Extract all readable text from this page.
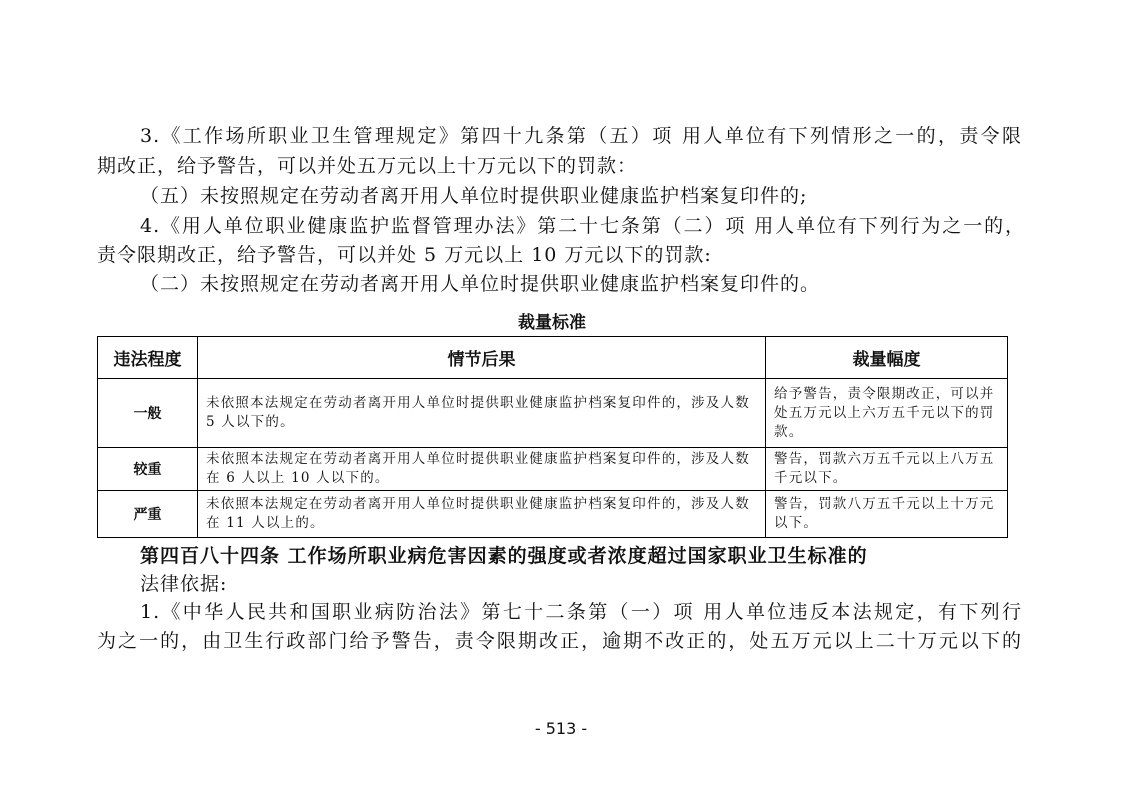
3.《工作场所职业卫生管理规定》第四十九条第（五）项 用人单位有下列情形之一的，责令限
期改正，给予警告，可以并处五万元以上十万元以下的罚款：
（五）未按照规定在劳动者离开用人单位时提供职业健康监护档案复印件的;
4.《用人单位职业健康监护监督管理办法》第二十七条第（二）项 用人单位有下列行为之一的，
责令限期改正，给予警告，可以并处 5 万元以上 10 万元以下的罚款:
（二）未按照规定在劳动者离开用人单位时提供职业健康监护档案复印件的。
裁量标准
违法程度	情节后果	裁量幅度
一般	未依照本法规定在劳动者离开用人单位时提供职业健康监护档案复印件的，涉及人数 5 人以下的。	给予警告，责令限期改正，可以并处五万元以上六万五千元以下的罚款。
较重	未依照本法规定在劳动者离开用人单位时提供职业健康监护档案复印件的，涉及人数在 6 人以上 10 人以下的。	警告，罚款六万五千元以上八万五千元以下。
严重	未依照本法规定在劳动者离开用人单位时提供职业健康监护档案复印件的，涉及人数在 11 人以上的。	警告，罚款八万五千元以上十万元以下。
第四百八十四条 工作场所职业病危害因素的强度或者浓度超过国家职业卫生标准的
法律依据:
1.《中华人民共和国职业病防治法》第七十二条第（一）项 用人单位违反本法规定，有下列行
为之一的，由卫生行政部门给予警告，责令限期改正，逾期不改正的，处五万元以上二十万元以下的
- 513 -
